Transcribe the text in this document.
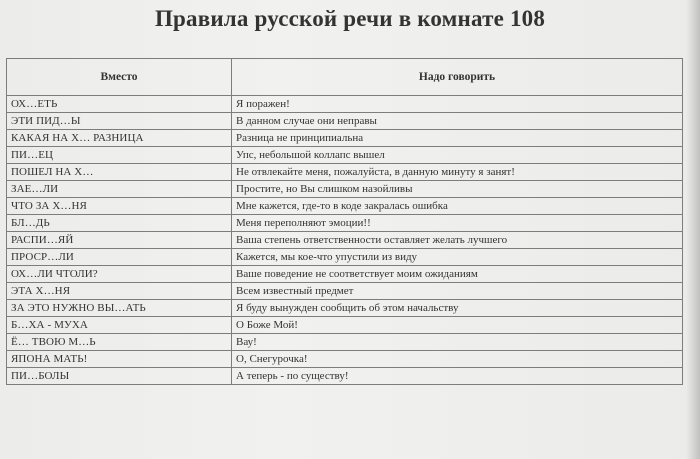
Правила русской речи в комнате 108
Вместо	Надо говорить
ОХ…ЕТЬ	Я поражен!
ЭТИ ПИД…Ы	В данном случае они неправы
КАКАЯ НА Х… РАЗНИЦА	Разница не принципиальна
ПИ…ЕЦ	Упс, небольшой коллапс вышел
ПОШЕЛ НА Х…	Не отвлекайте меня, пожалуйста, в данную минуту я занят!
ЗАЕ…ЛИ	Простите, но Вы слишком назойливы
ЧТО ЗА Х…НЯ	Мне кажется, где-то в коде закралась ошибка
БЛ…ДЬ	Меня переполняют эмоции!!
РАСПИ…ЯЙ	Ваша степень ответственности оставляет желать лучшего
ПРОСР…ЛИ	Кажется, мы кое-что упустили из виду
ОХ…ЛИ ЧТОЛИ?	Ваше поведение не соответствует моим ожиданиям
ЭТА Х…НЯ	Всем известный предмет
ЗА ЭТО НУЖНО ВЫ…АТЬ	Я буду вынужден сообщить об этом начальству
Б…ХА - МУХА	О Боже Мой!
Ё… ТВОЮ М…Ь	Вау!
ЯПОНА МАТЬ!	О, Снегурочка!
ПИ…БОЛЫ	А теперь - по существу!
